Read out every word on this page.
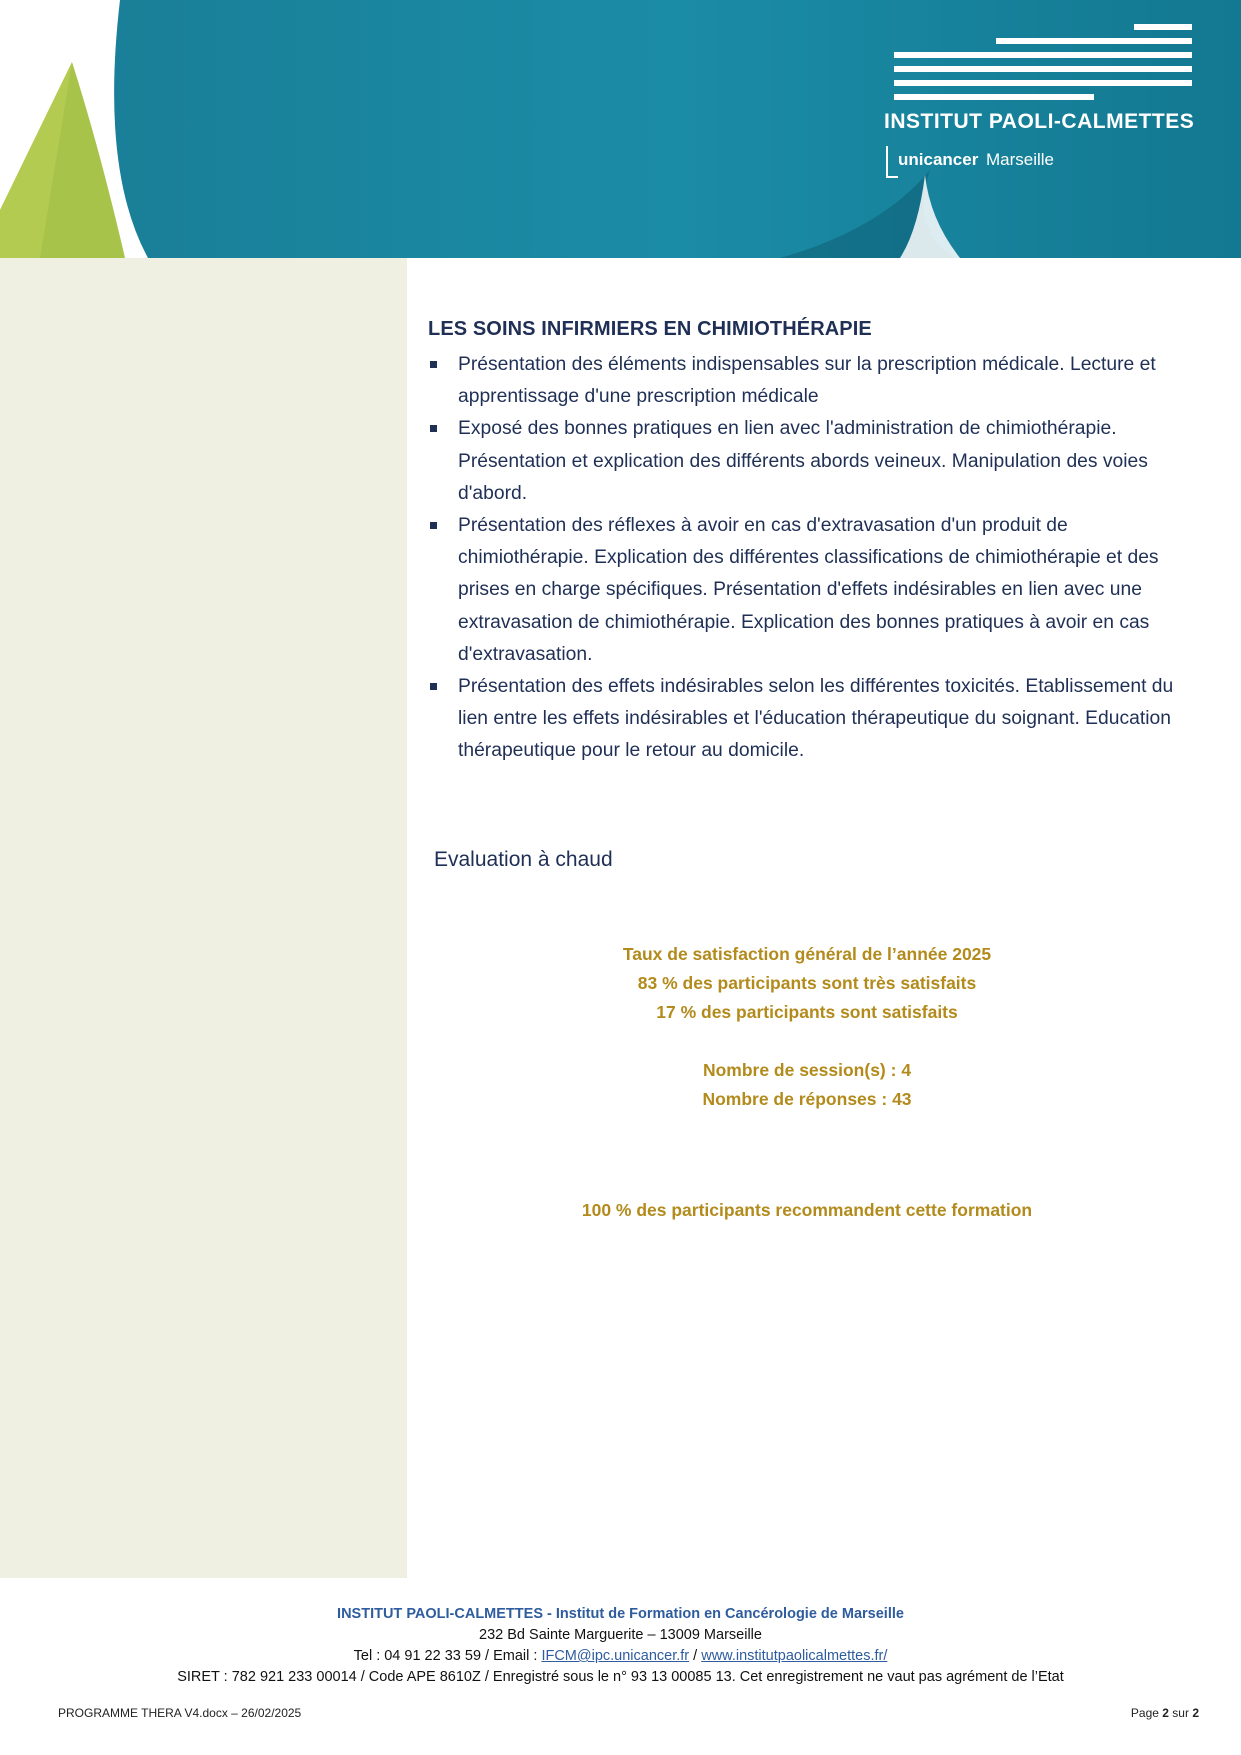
INSTITUT PAOLI-CALMETTES
unicancer Marseille
LES SOINS INFIRMIERS EN CHIMIOTHÉRAPIE
Présentation des éléments indispensables sur la prescription médicale. Lecture et apprentissage d'une prescription médicale
Exposé des bonnes pratiques en lien avec l'administration de chimiothérapie. Présentation et explication des différents abords veineux. Manipulation des voies d'abord.
Présentation des réflexes à avoir en cas d'extravasation d'un produit de chimiothérapie. Explication des différentes classifications de chimiothérapie et des prises en charge spécifiques. Présentation d'effets indésirables en lien avec une extravasation de chimiothérapie. Explication des bonnes pratiques à avoir en cas d'extravasation.
Présentation des effets indésirables selon les différentes toxicités. Etablissement du lien entre les effets indésirables et l'éducation thérapeutique du soignant. Education thérapeutique pour le retour au domicile.
Evaluation à chaud
Taux de satisfaction général de l’année 2025
83 % des participants sont très satisfaits
17 % des participants sont satisfaits
Nombre de session(s) : 4
Nombre de réponses : 43
100 % des participants recommandent cette formation
INSTITUT PAOLI-CALMETTES - Institut de Formation en Cancérologie de Marseille
232 Bd Sainte Marguerite – 13009 Marseille
Tel : 04 91 22 33 59 / Email : IFCM@ipc.unicancer.fr / www.institutpaolicalmettes.fr/
SIRET : 782 921 233 00014 / Code APE 8610Z / Enregistré sous le n° 93 13 00085 13. Cet enregistrement ne vaut pas agrément de l’Etat
PROGRAMME THERA V4.docx – 26/02/2025	Page 2 sur 2
